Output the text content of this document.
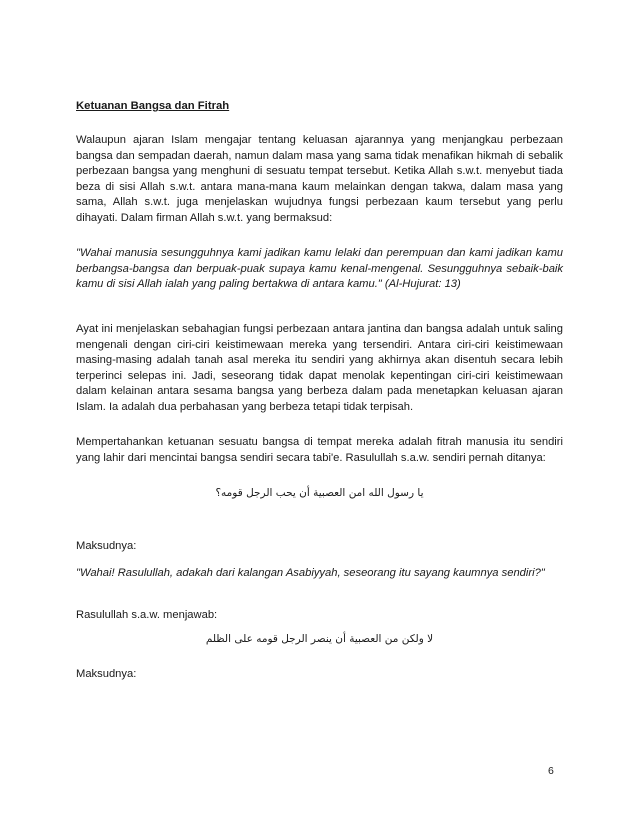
Ketuanan Bangsa dan Fitrah

Walaupun ajaran Islam mengajar tentang keluasan ajarannya yang menjangkau perbezaan bangsa dan sempadan daerah, namun dalam masa yang sama tidak menafikan hikmah di sebalik perbezaan bangsa yang menghuni di sesuatu tempat tersebut. Ketika Allah s.w.t. menyebut tiada beza di sisi Allah s.w.t. antara mana-mana kaum melainkan dengan takwa, dalam masa yang sama, Allah s.w.t. juga menjelaskan wujudnya fungsi perbezaan kaum tersebut yang perlu dihayati. Dalam firman Allah s.w.t. yang bermaksud:

"Wahai manusia sesungguhnya kami jadikan kamu lelaki dan perempuan dan kami jadikan kamu berbangsa-bangsa dan berpuak-puak supaya kamu kenal-mengenal. Sesungguhnya sebaik-baik kamu di sisi Allah ialah yang paling bertakwa di antara kamu." (Al-Hujurat: 13)

Ayat ini menjelaskan sebahagian fungsi perbezaan antara jantina dan bangsa adalah untuk saling mengenali dengan ciri-ciri keistimewaan mereka yang tersendiri. Antara ciri-ciri keistimewaan masing-masing adalah tanah asal mereka itu sendiri yang akhirnya akan disentuh secara lebih terperinci selepas ini. Jadi, seseorang tidak dapat menolak kepentingan ciri-ciri keistimewaan dalam kelainan antara sesama bangsa yang berbeza dalam pada menetapkan keluasan ajaran Islam. Ia adalah dua perbahasan yang berbeza tetapi tidak terpisah.

Mempertahankan ketuanan sesuatu bangsa di tempat mereka adalah fitrah manusia itu sendiri yang lahir dari mencintai bangsa sendiri secara tabi'e. Rasulullah s.a.w. sendiri pernah ditanya:

يا رسول الله امن العصبية أن يحب الرجل قومه؟
Maksudnya:

"Wahai! Rasulullah, adakah dari kalangan Asabiyyah, seseorang itu sayang kaumnya sendiri?"

Rasulullah s.a.w. menjawab:
لا ولكن من العصبية أن ينصر الرجل قومه على الظلم
Maksudnya:
6
